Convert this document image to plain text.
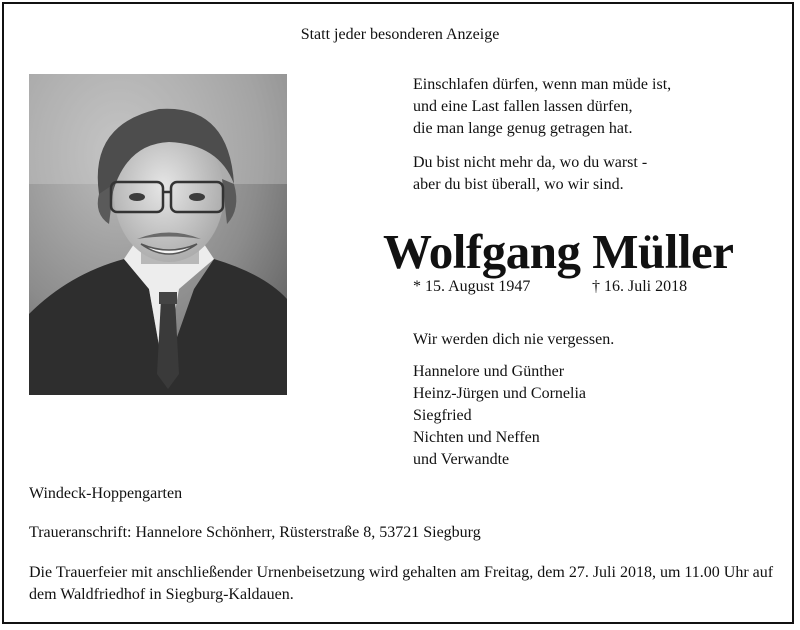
Statt jeder besonderen Anzeige

Einschlafen dürfen, wenn man müde ist,
und eine Last fallen lassen dürfen,
die man lange genug getragen hat.

Du bist nicht mehr da, wo du warst -
aber du bist überall, wo wir sind.

Wolfgang Müller
* 15. August 1947	† 16. Juli 2018
Wir werden dich nie vergessen.
Hannelore und Günther
Heinz-Jürgen und Cornelia
Siegfried
Nichten und Neffen
und Verwandte
Windeck-Hoppengarten
Traueranschrift: Hannelore Schönherr, Rüsterstraße 8, 53721 Siegburg
Die Trauerfeier mit anschließender Urnenbeisetzung wird gehalten am Freitag, dem 27. Juli 2018, um 11.00 Uhr auf dem Waldfriedhof in Siegburg-Kaldauen.
